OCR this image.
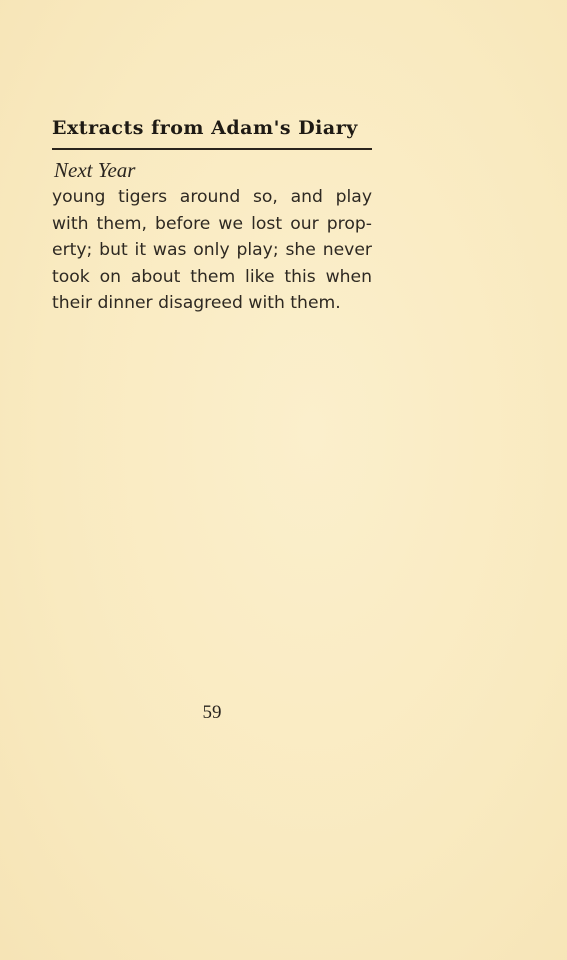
Extracts from Adam's Diary
Next Year
young tigers around so, and play
with them, before we lost our prop-
erty; but it was only play; she never
took on about them like this when
their dinner disagreed with them.
59
